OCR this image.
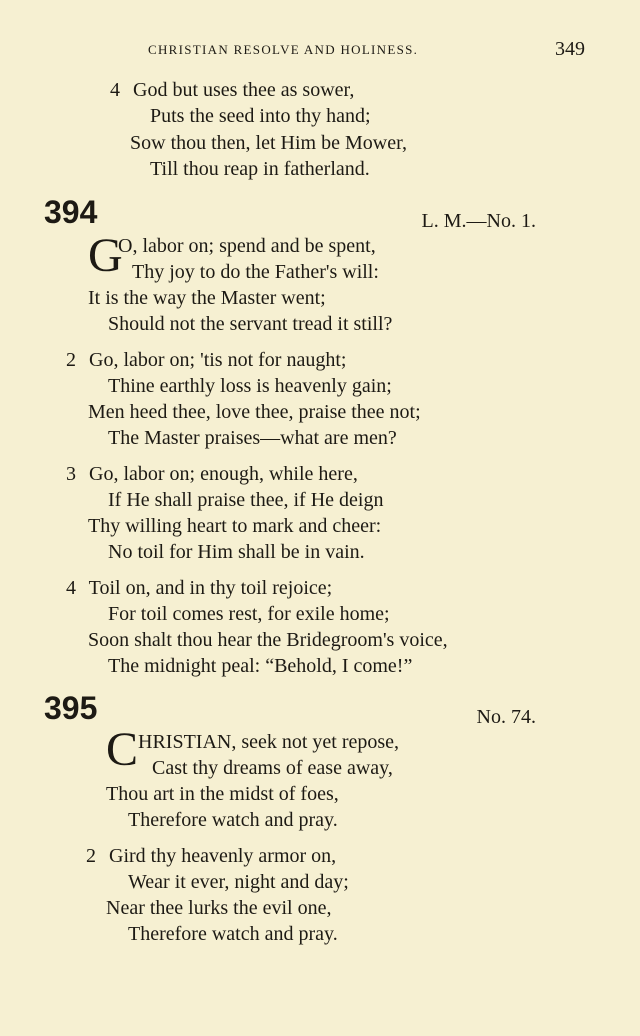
CHRISTIAN RESOLVE AND HOLINESS.	349
4 God but uses thee as sower,
Puts the seed into thy hand;
Sow thou then, let Him be Mower,
Till thou reap in fatherland.
394	L. M.—No. 1.
G
O, labor on; spend and be spent,
Thy joy to do the Father's will:
It is the way the Master went;
Should not the servant tread it still?
2 Go, labor on; 'tis not for naught;
Thine earthly loss is heavenly gain;
Men heed thee, love thee, praise thee not;
The Master praises—what are men?
3 Go, labor on; enough, while here,
If He shall praise thee, if He deign
Thy willing heart to mark and cheer:
No toil for Him shall be in vain.
4 Toil on, and in thy toil rejoice;
For toil comes rest, for exile home;
Soon shalt thou hear the Bridegroom's voice,
The midnight peal: “Behold, I come!”
395	No. 74.
C HRISTIAN, seek not yet repose,
Cast thy dreams of ease away,
Thou art in the midst of foes,
Therefore watch and pray.
2 Gird thy heavenly armor on,
Wear it ever, night and day;
Near thee lurks the evil one,
Therefore watch and pray.
